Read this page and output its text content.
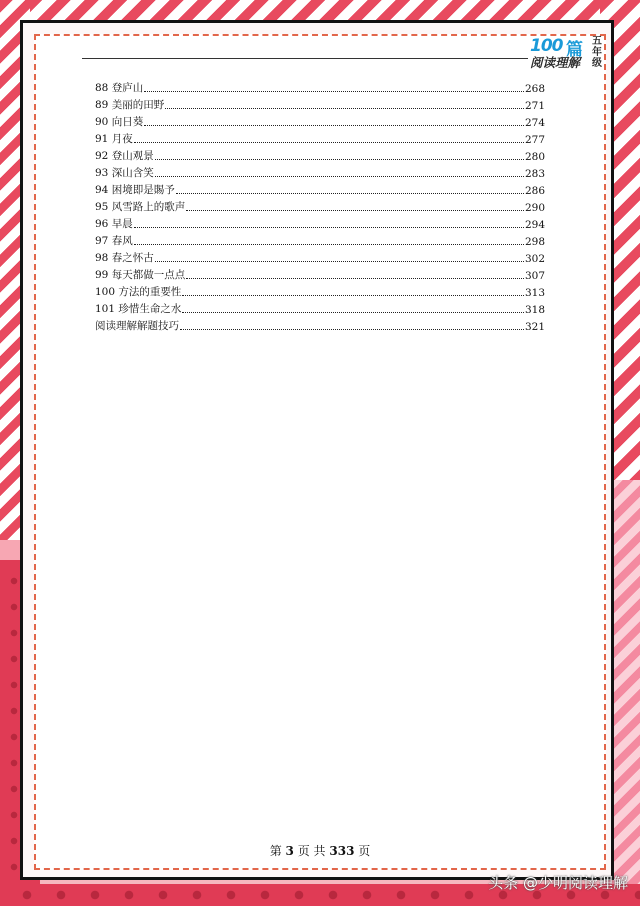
100 篇 五年级
阅读理解
88 登庐山	268
89 美丽的田野	271
90 向日葵	274
91 月夜	277
92 登山观景	280
93 深山含笑	283
94 困境即是賜予	286
95 风雪路上的歌声	290
96 早晨	294
97 春风	298
98 春之怀古	302
99 每天都做一点点	307
100 方法的重要性	313
101 珍惜生命之水	318
阅读理解解题技巧	321
第 3 页 共 333 页
头条 @少明阅读理解
